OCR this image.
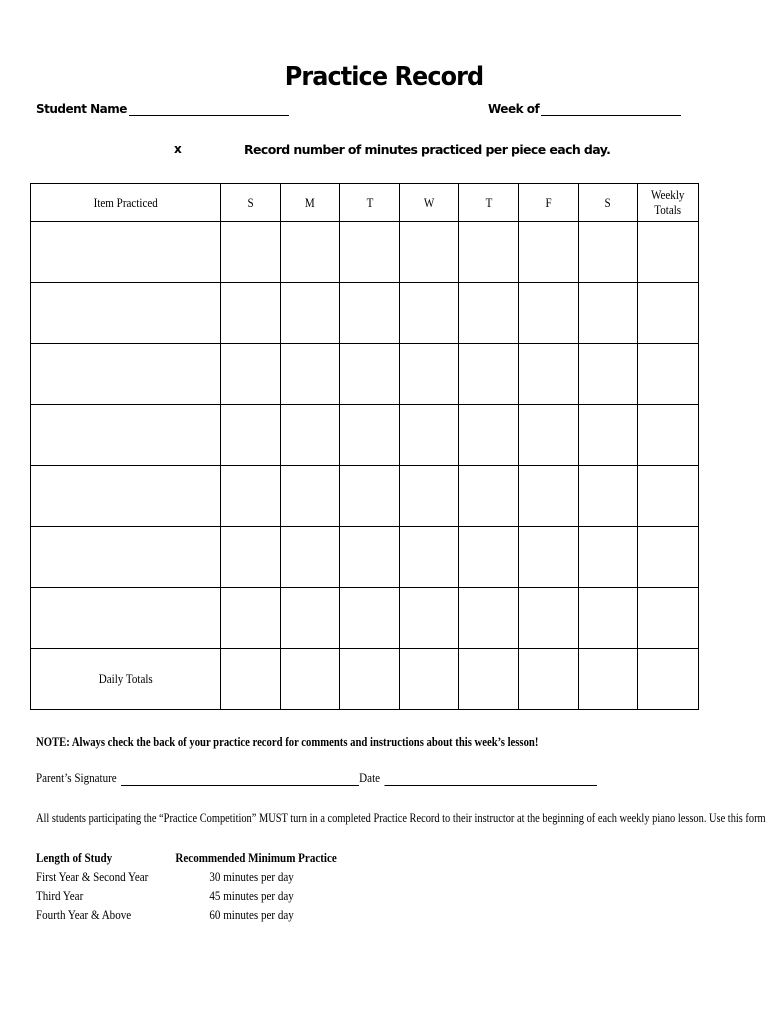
Practice Record
Student Name	Week of
x	Record number of minutes practiced per piece each day.
Item Practiced	S	M	T	W	T	F	S	Weekly
Totals

Daily Totals								
NOTE: Always check the back of your practice record for comments and instructions about this week’s lesson!
Parent’s Signature	Date
All students participating the “Practice Competition” MUST turn in a completed Practice Record to their instructor at the beginning of each weekly piano lesson. Use this form
Length of Study	Recommended Minimum Practice
First Year & Second Year	30 minutes per day
Third Year	45 minutes per day
Fourth Year & Above	60 minutes per day
